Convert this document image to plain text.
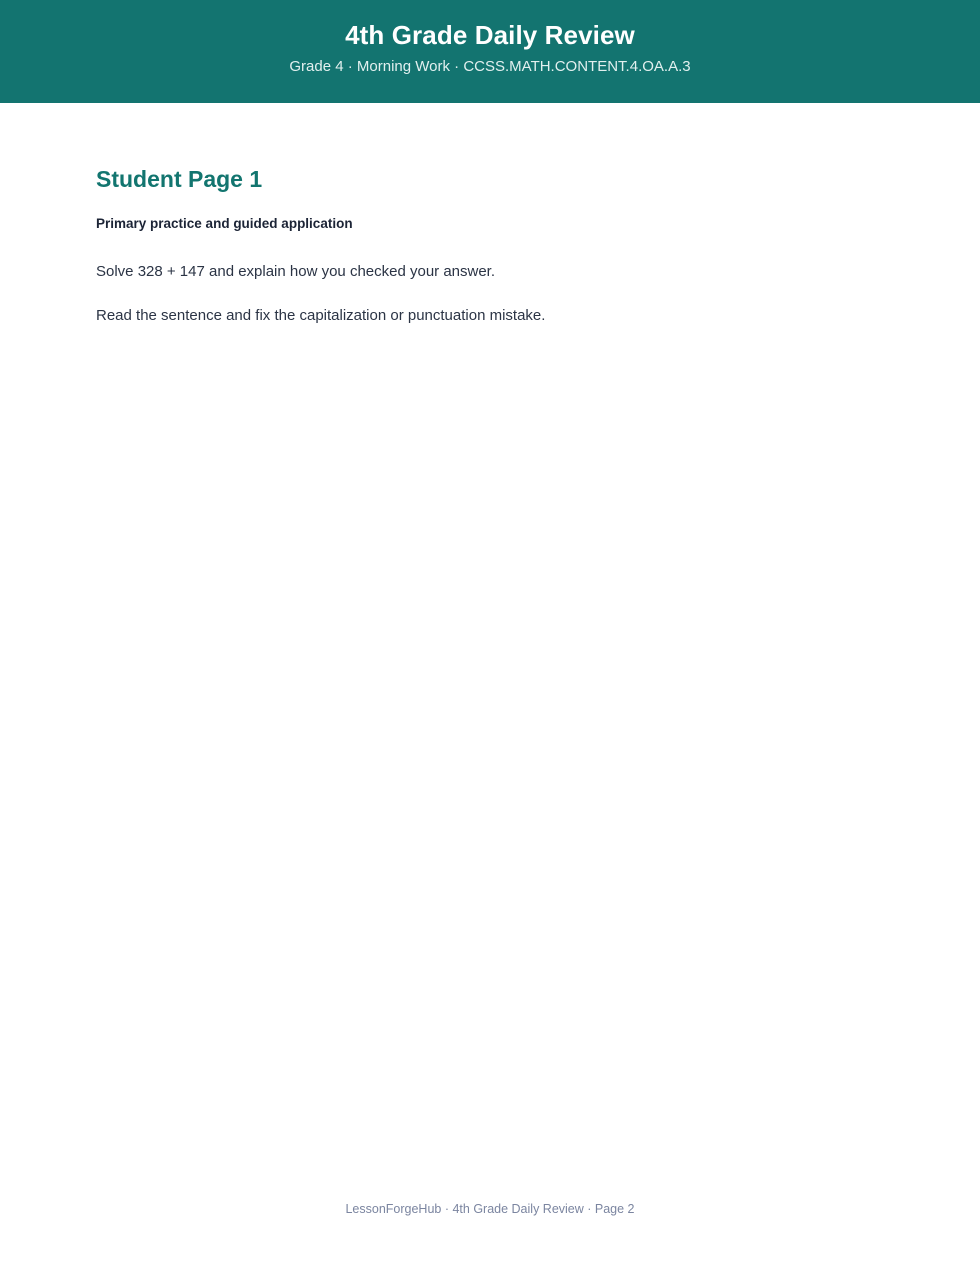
4th Grade Daily Review

Grade 4 · Morning Work · CCSS.MATH.CONTENT.4.OA.A.3

Student Page 1

Primary practice and guided application

Solve 328 + 147 and explain how you checked your answer.
Read the sentence and fix the capitalization or punctuation mistake.

LessonForgeHub · 4th Grade Daily Review · Page 2
